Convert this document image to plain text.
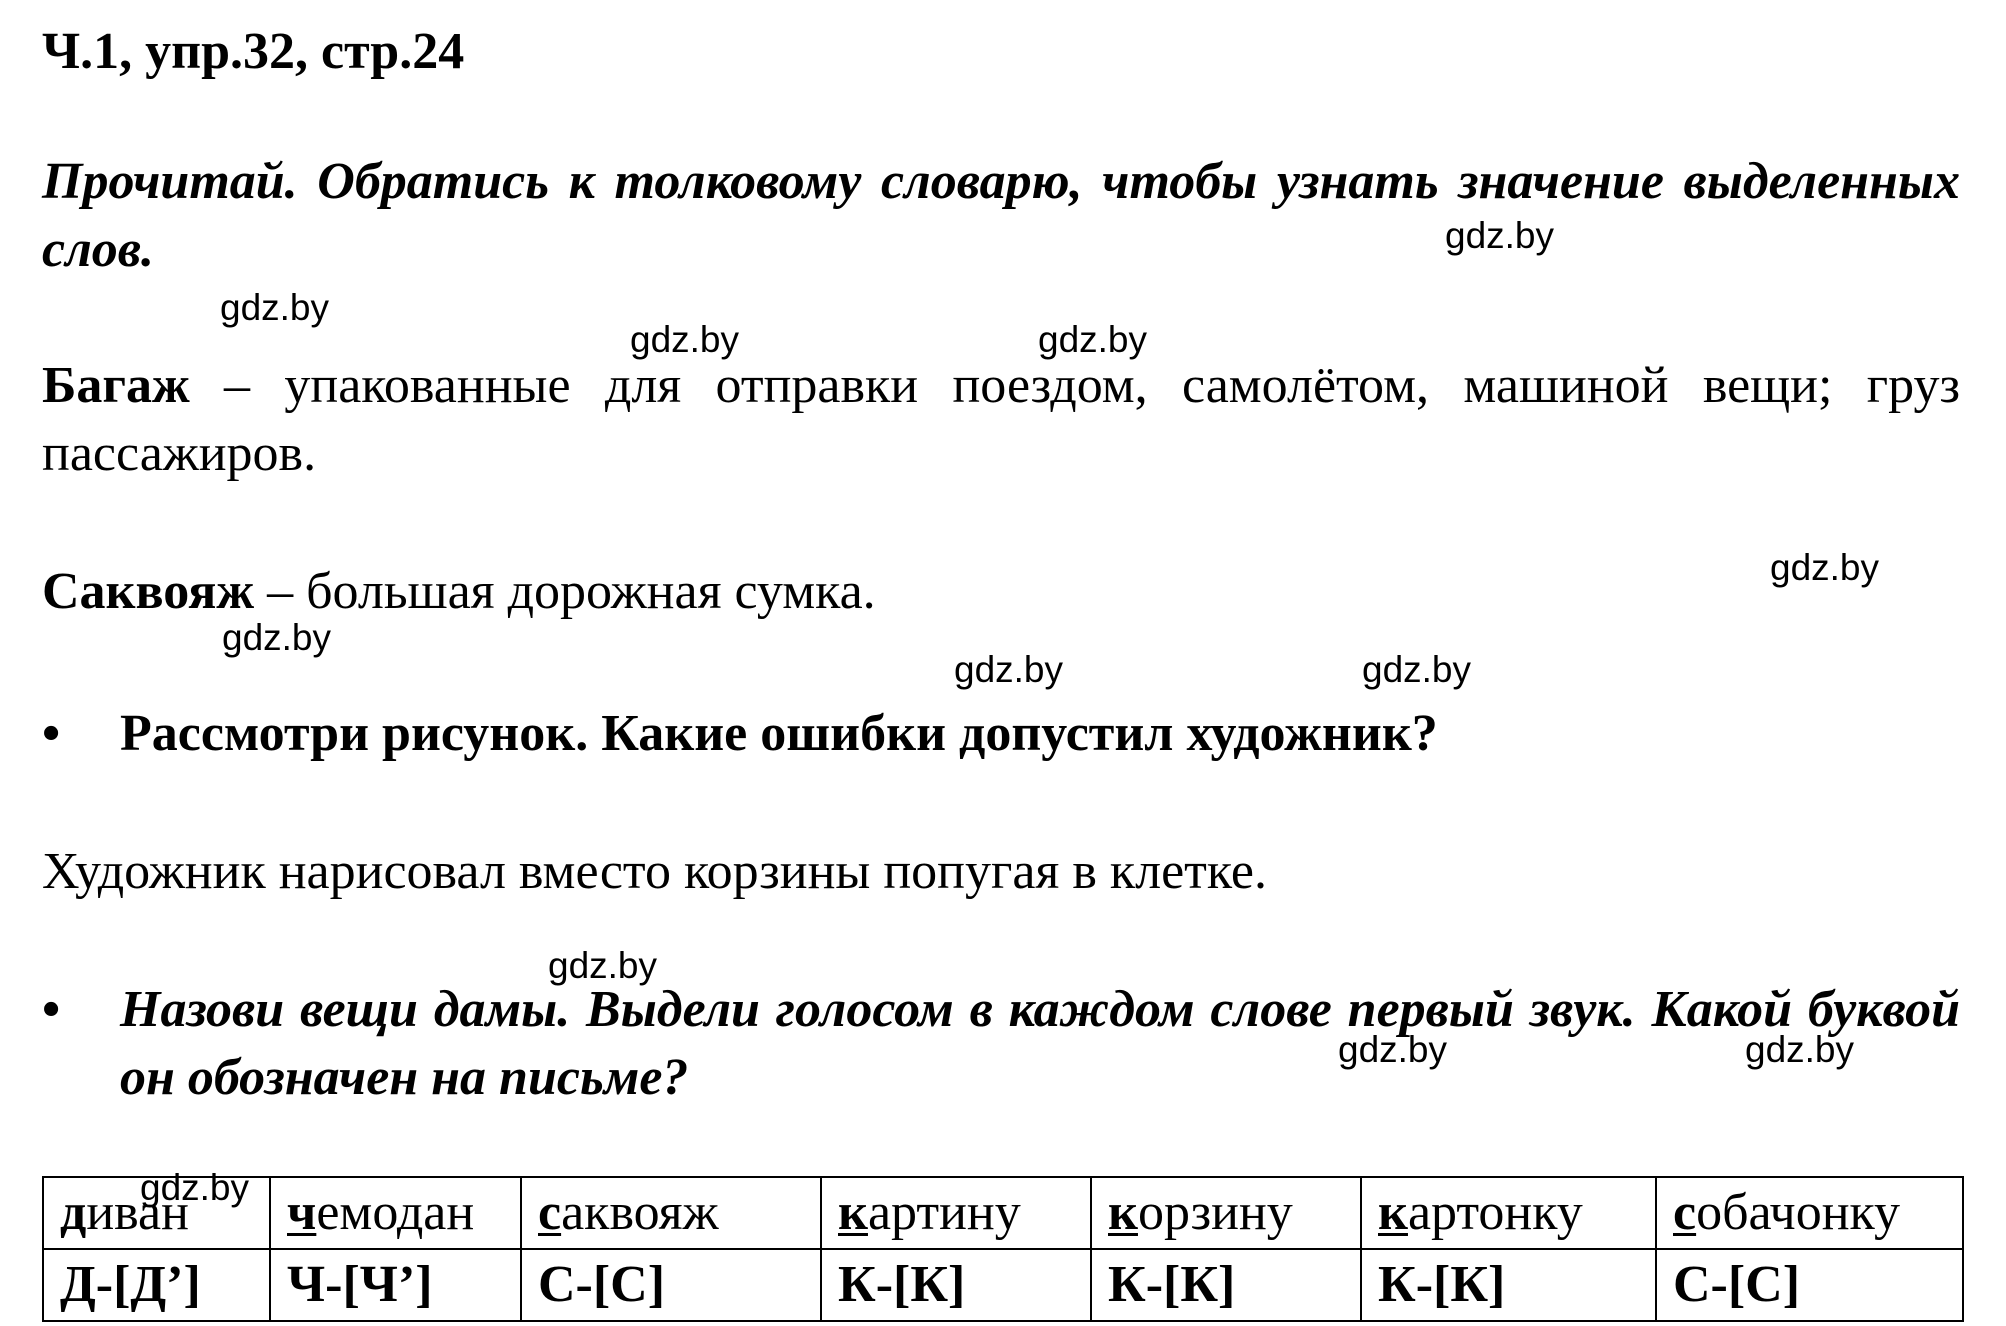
Ч.1, упр.32, стр.24
Прочитай. Обратись к толковому словарю, чтобы узнать значение выделенных слов.
Багаж – упакованные для отправки поездом, самолётом, машиной вещи; груз пассажиров.
Саквояж – большая дорожная сумка.
•	Рассмотри рисунок. Какие ошибки допустил художник?
Художник нарисовал вместо корзины попугая в клетке.
•	Назови вещи дамы. Выдели голосом в каждом слове первый звук. Какой буквой он обозначен на письме?
диван	чемодан	саквояж	картину	корзину	картонку	собачонку
Д-[Д’]	Ч-[Ч’]	С-[С]	К-[К]	К-[К]	К-[К]	С-[С]
gdz.by
gdz.by
gdz.by	gdz.by
gdz.by
gdz.by
gdz.by	gdz.by
gdz.by
gdz.by	gdz.by
gdz.by
